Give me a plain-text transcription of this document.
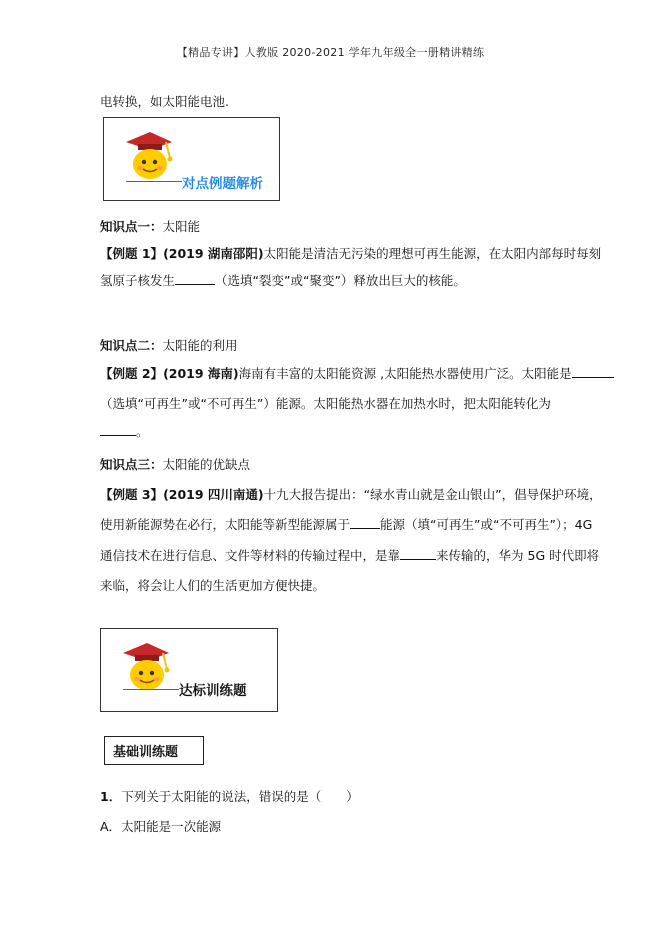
【精品专讲】人教版 2020-2021 学年九年级全一册精讲精练
电转换，如太阳能电池.
对点例题解析
知识点一：太阳能
【例题 1】(2019 湖南邵阳)太阳能是清洁无污染的理想可再生能源，在太阳内部每时每刻
氢原子核发生	（选填“裂变”或“聚变”）释放出巨大的核能。
知识点二：太阳能的利用
【例题 2】(2019 海南)海南有丰富的太阳能资源 ,太阳能热水器使用广泛。太阳能是
（选填“可再生”或“不可再生”）能源。太阳能热水器在加热水时，把太阳能转化为
。
知识点三：太阳能的优缺点
【例题 3】(2019 四川南通)十九大报告提出：“绿水青山就是金山银山”，倡导保护环境，
使用新能源势在必行，太阳能等新型能源属于 能源（填“可再生”或“不可再生”）；4G
通信技术在进行信息、文件等材料的传输过程中，是靠	来传输的，华为 5G 时代即将
来临，将会让人们的生活更加方便快捷。
达标训练题
基础训练题
1．下列关于太阳能的说法，错误的是（　　）
A．太阳能是一次能源
